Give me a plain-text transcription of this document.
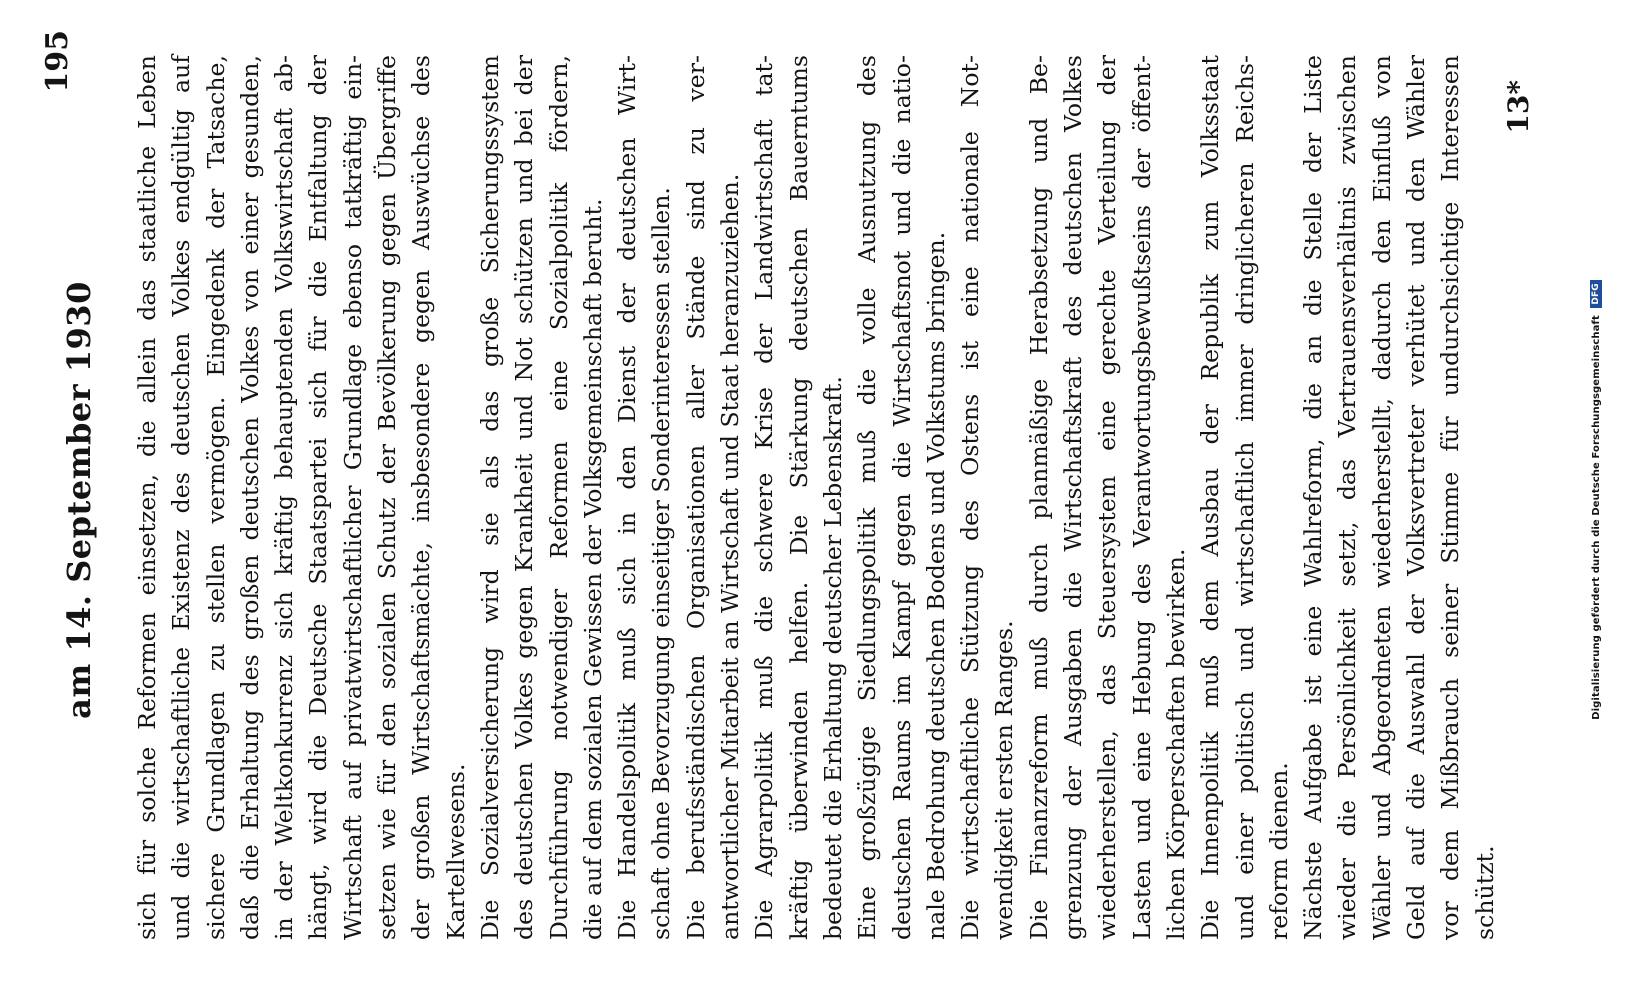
195
am 14. September 1930 sich für solche Reformen einsetzen, die allein das staatliche Leben und die wirtschaftliche Existenz des deutschen Volkes endgültig auf sichere Grundlagen zu stellen vermögen. Eingedenk der Tatsache, daß die Erhaltung des großen deutschen Volkes von einer gesunden, in der Weltkonkurrenz sich kräftig behauptenden Volkswirtschaft ab- hängt, wird die Deutsche Staatspartei sich für die Entfaltung der Wirtschaft auf privatwirtschaftlicher Grundlage ebenso tatkräftig ein- setzen wie für den sozialen Schutz der Bevölkerung gegen Übergriffe der großen Wirtschaftsmächte, insbesondere gegen Auswüchse des Kartellwesens. Die Sozialversicherung wird sie als das große Sicherungssystem des deutschen Volkes gegen Krankheit und Not schützen und bei der Durchführung notwendiger Reformen eine Sozialpolitik fördern, die auf dem sozialen Gewissen der Volksgemeinschaft beruht. Die Handelspolitik muß sich in den Dienst der deutschen Wirt- schaft ohne Bevorzugung einseitiger Sonderinteressen stellen. Die berufsständischen Organisationen aller Stände sind zu ver- antwortlicher Mitarbeit an Wirtschaft und Staat heranzuziehen. Die Agrarpolitik muß die schwere Krise der Landwirtschaft tat- kräftig überwinden helfen. Die Stärkung deutschen Bauerntums bedeutet die Erhaltung deutscher Lebenskraft. Eine großzügige Siedlungspolitik muß die volle Ausnutzung des deutschen Raums im Kampf gegen die Wirtschaftsnot und die natio- nale Bedrohung deutschen Bodens und Volkstums bringen. Die wirtschaftliche Stützung des Ostens ist eine nationale Not- wendigkeit ersten Ranges. Die Finanzreform muß durch planmäßige Herabsetzung und Be- grenzung der Ausgaben die Wirtschaftskraft des deutschen Volkes wiederherstellen, das Steuersystem eine gerechte Verteilung der Lasten und eine Hebung des Verantwortungsbewußtseins der öffent- lichen Körperschaften bewirken. Die Innenpolitik muß dem Ausbau der Republik zum Volksstaat und einer politisch und wirtschaftlich immer dringlicheren Reichs- reform dienen. Nächste Aufgabe ist eine Wahlreform, die an die Stelle der Liste wieder die Persönlichkeit setzt, das Vertrauensverhältnis zwischen Wähler und Abgeordneten wiederherstellt, dadurch den Einfluß von Geld auf die Auswahl der Volksvertreter verhütet und den Wähler vor dem Mißbrauch seiner Stimme für undurchsichtige Interessen schützt.
13*
Digitalisierung gefördert durch die Deutsche Forschungsgemeinschaft DFG
